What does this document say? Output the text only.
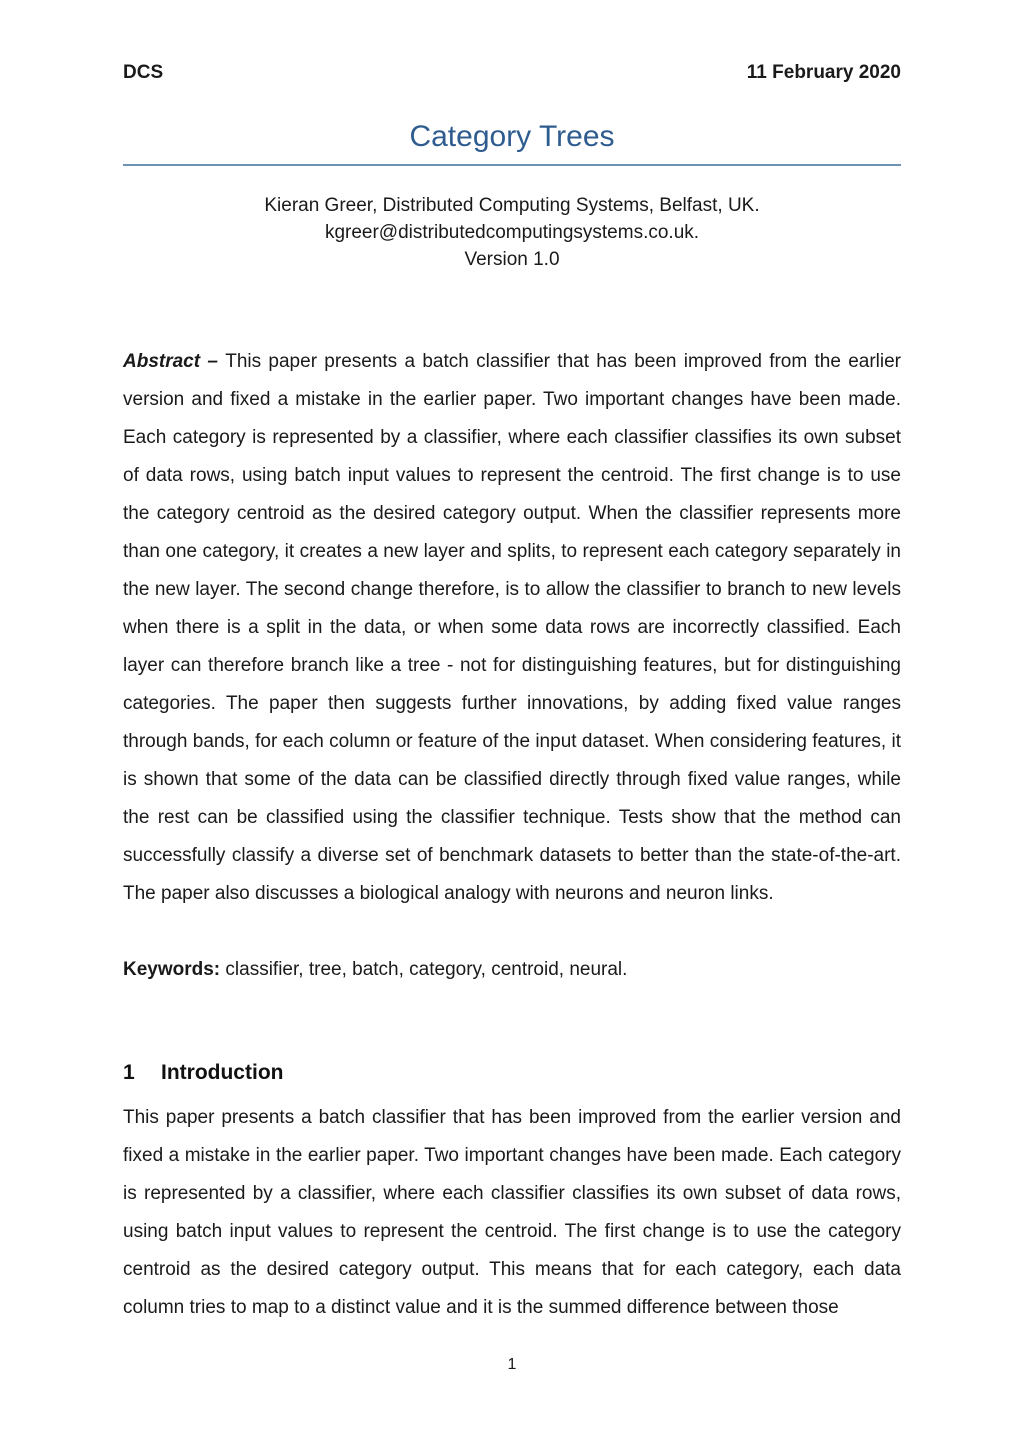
DCS	11 February 2020
Category Trees
Kieran Greer, Distributed Computing Systems, Belfast, UK.
kgreer@distributedcomputingsystems.co.uk.
Version 1.0

Abstract – This paper presents a batch classifier that has been improved from the earlier version and fixed a mistake in the earlier paper. Two important changes have been made. Each category is represented by a classifier, where each classifier classifies its own subset of data rows, using batch input values to represent the centroid. The first change is to use the category centroid as the desired category output. When the classifier represents more than one category, it creates a new layer and splits, to represent each category separately in the new layer. The second change therefore, is to allow the classifier to branch to new levels when there is a split in the data, or when some data rows are incorrectly classified. Each layer can therefore branch like a tree - not for distinguishing features, but for distinguishing categories. The paper then suggests further innovations, by adding fixed value ranges through bands, for each column or feature of the input dataset. When considering features, it is shown that some of the data can be classified directly through fixed value ranges, while the rest can be classified using the classifier technique. Tests show that the method can successfully classify a diverse set of benchmark datasets to better than the state-of-the-art. The paper also discusses a biological analogy with neurons and neuron links.

Keywords: classifier, tree, batch, category, centroid, neural.

1 Introduction

This paper presents a batch classifier that has been improved from the earlier version and fixed a mistake in the earlier paper. Two important changes have been made. Each category is represented by a classifier, where each classifier classifies its own subset of data rows, using batch input values to represent the centroid. The first change is to use the category centroid as the desired category output. This means that for each category, each data column tries to map to a distinct value and it is the summed difference between those

1
